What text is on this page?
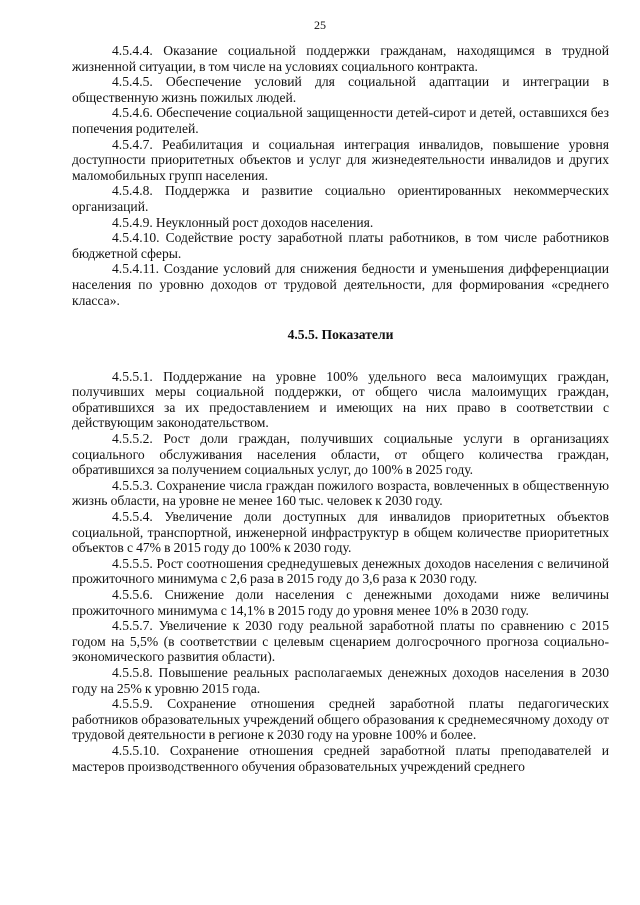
25

4.5.4.4. Оказание социальной поддержки гражданам, находящимся в трудной жизненной ситуации, в том числе на условиях социального контракта.

4.5.4.5. Обеспечение условий для социальной адаптации и интеграции в общественную жизнь пожилых людей.

4.5.4.6. Обеспечение социальной защищенности детей-сирот и детей, оставшихся без попечения родителей.

4.5.4.7. Реабилитация и социальная интеграция инвалидов, повышение уровня доступности приоритетных объектов и услуг для жизнедеятельности инвалидов и других маломобильных групп населения.

4.5.4.8. Поддержка и развитие социально ориентированных некоммерческих организаций.

4.5.4.9. Неуклонный рост доходов населения.

4.5.4.10. Содействие росту заработной платы работников, в том числе работников бюджетной сферы.

4.5.4.11. Создание условий для снижения бедности и уменьшения дифференциации населения по уровню доходов от трудовой деятельности, для формирования «среднего класса».

4.5.5. Показатели

4.5.5.1. Поддержание на уровне 100% удельного веса малоимущих граждан, получивших меры социальной поддержки, от общего числа малоимущих граждан, обратившихся за их предоставлением и имеющих на них право в соответствии с действующим законодательством.

4.5.5.2. Рост доли граждан, получивших социальные услуги в организациях социального обслуживания населения области, от общего количества граждан, обратившихся за получением социальных услуг, до 100% в 2025 году.

4.5.5.3. Сохранение числа граждан пожилого возраста, вовлеченных в общественную жизнь области, на уровне не менее 160 тыс. человек к 2030 году.

4.5.5.4. Увеличение доли доступных для инвалидов приоритетных объектов социальной, транспортной, инженерной инфраструктур в общем количестве приоритетных объектов с 47% в 2015 году до 100% к 2030 году.

4.5.5.5. Рост соотношения среднедушевых денежных доходов населения с величиной прожиточного минимума с 2,6 раза в 2015 году до 3,6 раза к 2030 году.

4.5.5.6. Снижение доли населения с денежными доходами ниже величины прожиточного минимума с 14,1% в 2015 году до уровня менее 10% в 2030 году.

4.5.5.7. Увеличение к 2030 году реальной заработной платы по сравнению с 2015 годом на 5,5% (в соответствии с целевым сценарием долгосрочного прогноза социально-экономического развития области).

4.5.5.8. Повышение реальных располагаемых денежных доходов населения в 2030 году на 25% к уровню 2015 года.

4.5.5.9. Сохранение отношения средней заработной платы педагогических работников образовательных учреждений общего образования к среднемесячному доходу от трудовой деятельности в регионе к 2030 году на уровне 100% и более.

4.5.5.10. Сохранение отношения средней заработной платы преподавателей и мастеров производственного обучения образовательных учреждений среднего
